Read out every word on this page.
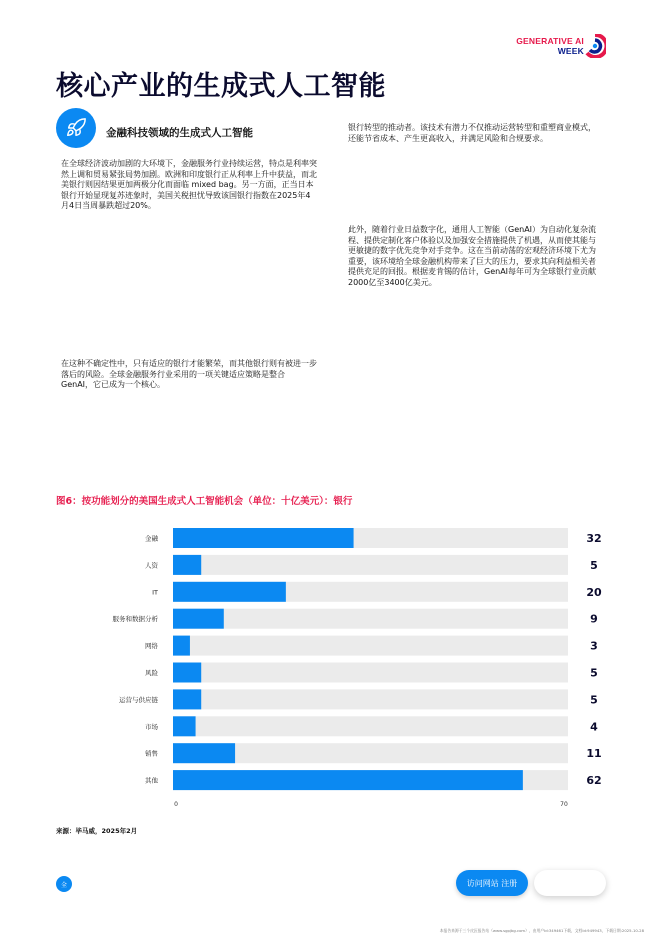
GENERATIVE AI
WEEK
核心产业的生成式人工智能
金融科技领域的生成式人工智能

在全球经济波动加剧的大环境下，金融服务行业持续运营，特点是利率突然上调和贸易紧张局势加剧。欧洲和印度银行正从利率上升中获益，而北美银行则因结果更加两极分化而面临 mixed bag。另一方面，正当日本银行开始显现复苏迹象时，美国关税担忧导致该国银行指数在2025年4月4日当周暴跌超过20%。

在这种不确定性中，只有适应的银行才能繁荣，而其他银行则有被进一步落后的风险。全球金融服务行业采用的一项关键适应策略是整合GenAI，它已成为一个核心。

银行转型的推动者。该技术有潜力不仅推动运营转型和重塑商业模式，还能节省成本、产生更高收入，并满足风险和合规要求。

此外，随着行业日益数字化，通用人工智能（GenAI）为自动化复杂流程、提供定制化客户体验以及加强安全措施提供了机遇，从而使其能与更敏捷的数字优先竞争对手竞争。这在当前动荡的宏观经济环境下尤为重要，该环境给全球金融机构带来了巨大的压力，要求其向利益相关者提供充足的回报。根据麦肯锡的估计，GenAI每年可为全球银行业贡献2000亿至3400亿美元。

图6：按功能划分的美国生成式人工智能机会（单位：十亿美元）：银行
金融	32
人资	5
IT	20
服务和数据分析	9
网络	3
风险	5
运营与供应链	5
市场	4
销售	11
其他	62
0	70
来源：毕马威，2025年2月
全	访问网站 注册
本报告来源于三个皮匠报告站（www.sgpjbg.com），由用户Id:349461下载，文档Id:949943，下载日期:2025-10-28
